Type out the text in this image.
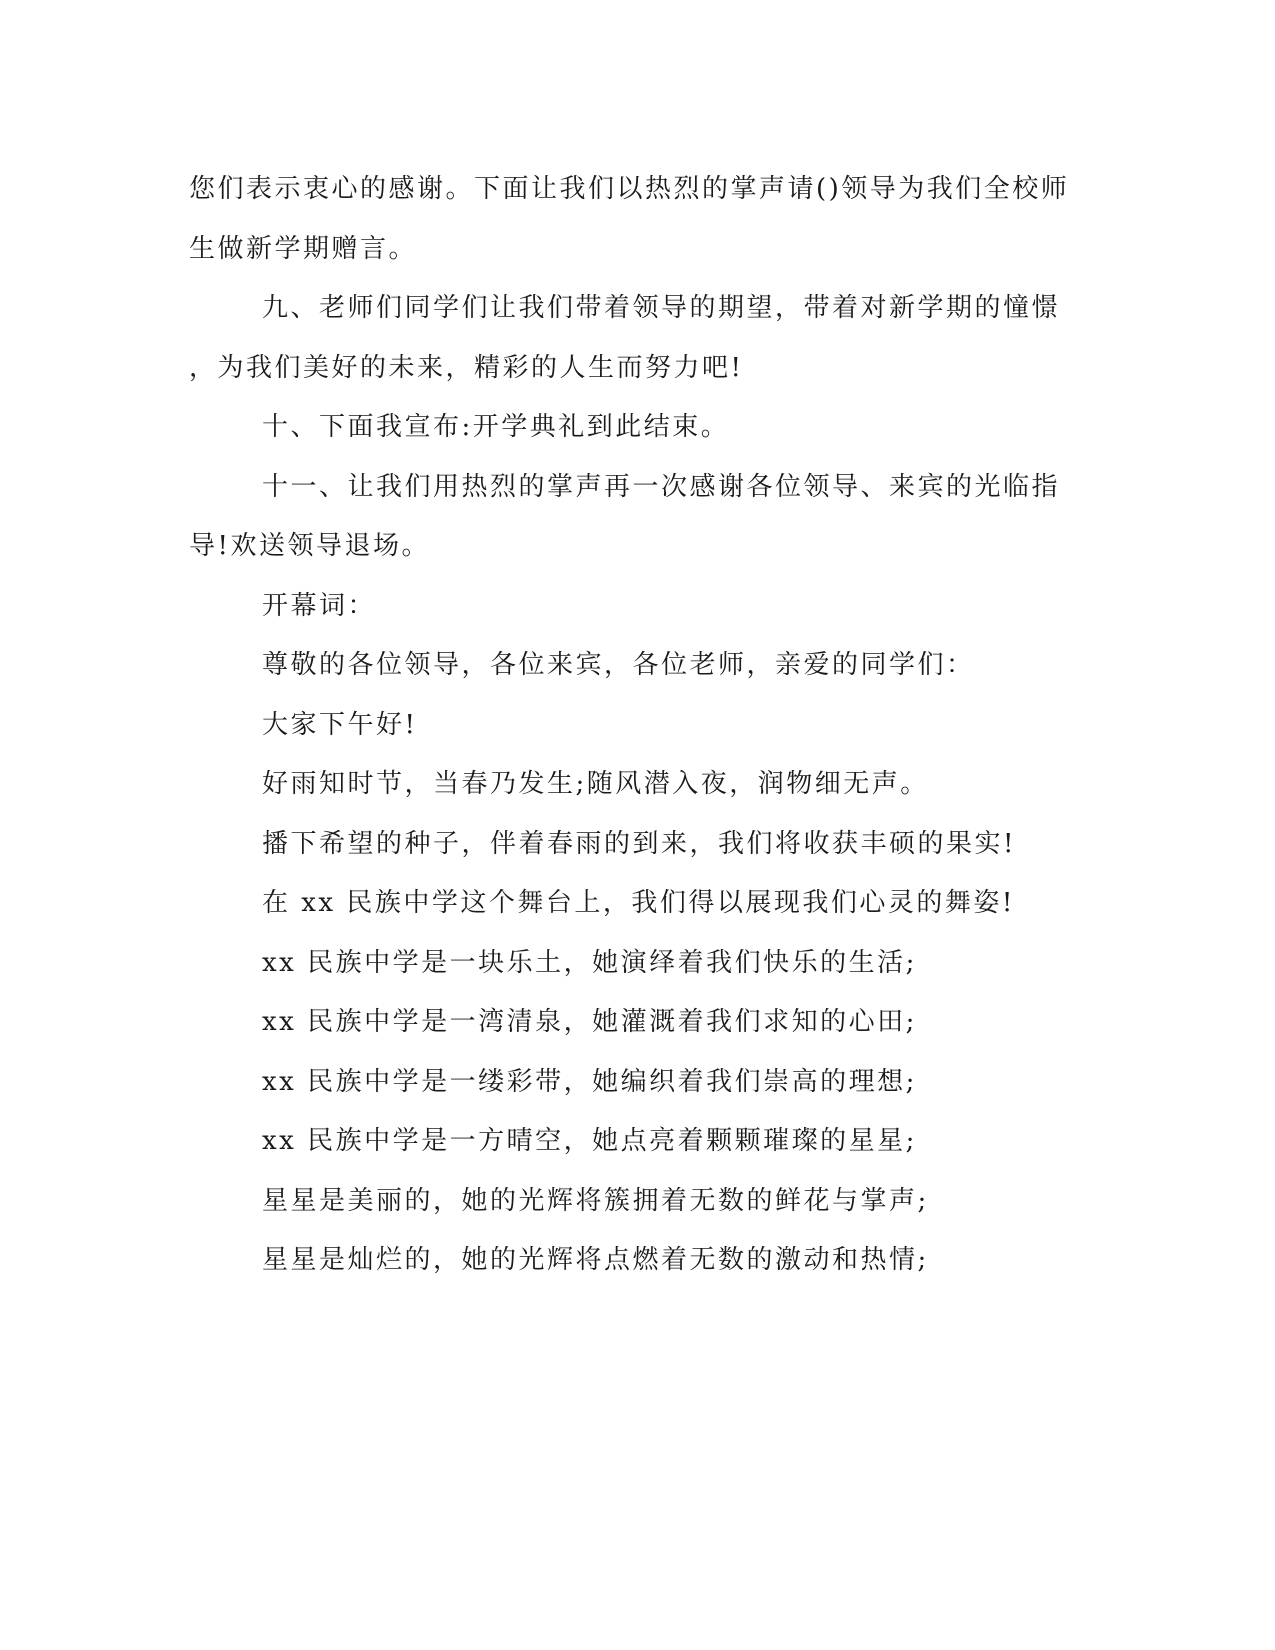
您们表示衷心的感谢。下面让我们以热烈的掌声请()领导为我们全校师
生做新学期赠言。

九、老师们同学们让我们带着领导的期望，带着对新学期的憧憬
，为我们美好的未来，精彩的人生而努力吧!

十、下面我宣布:开学典礼到此结束。

十一、让我们用热烈的掌声再一次感谢各位领导、来宾的光临指
导!欢送领导退场。

开幕词：

尊敬的各位领导，各位来宾，各位老师，亲爱的同学们：

大家下午好!

好雨知时节，当春乃发生;随风潜入夜，润物细无声。

播下希望的种子，伴着春雨的到来，我们将收获丰硕的果实!

在 xx 民族中学这个舞台上，我们得以展现我们心灵的舞姿!

xx 民族中学是一块乐土，她演绎着我们快乐的生活;

xx 民族中学是一湾清泉，她灌溉着我们求知的心田;

xx 民族中学是一缕彩带，她编织着我们崇高的理想;

xx 民族中学是一方晴空，她点亮着颗颗璀璨的星星;

星星是美丽的，她的光辉将簇拥着无数的鲜花与掌声;

星星是灿烂的，她的光辉将点燃着无数的激动和热情;
